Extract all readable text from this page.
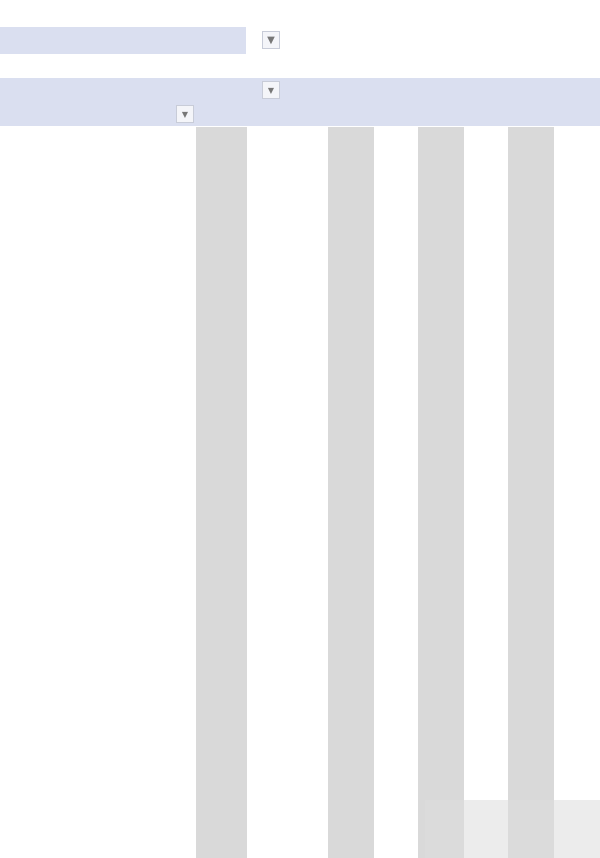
▼
▼
▼
